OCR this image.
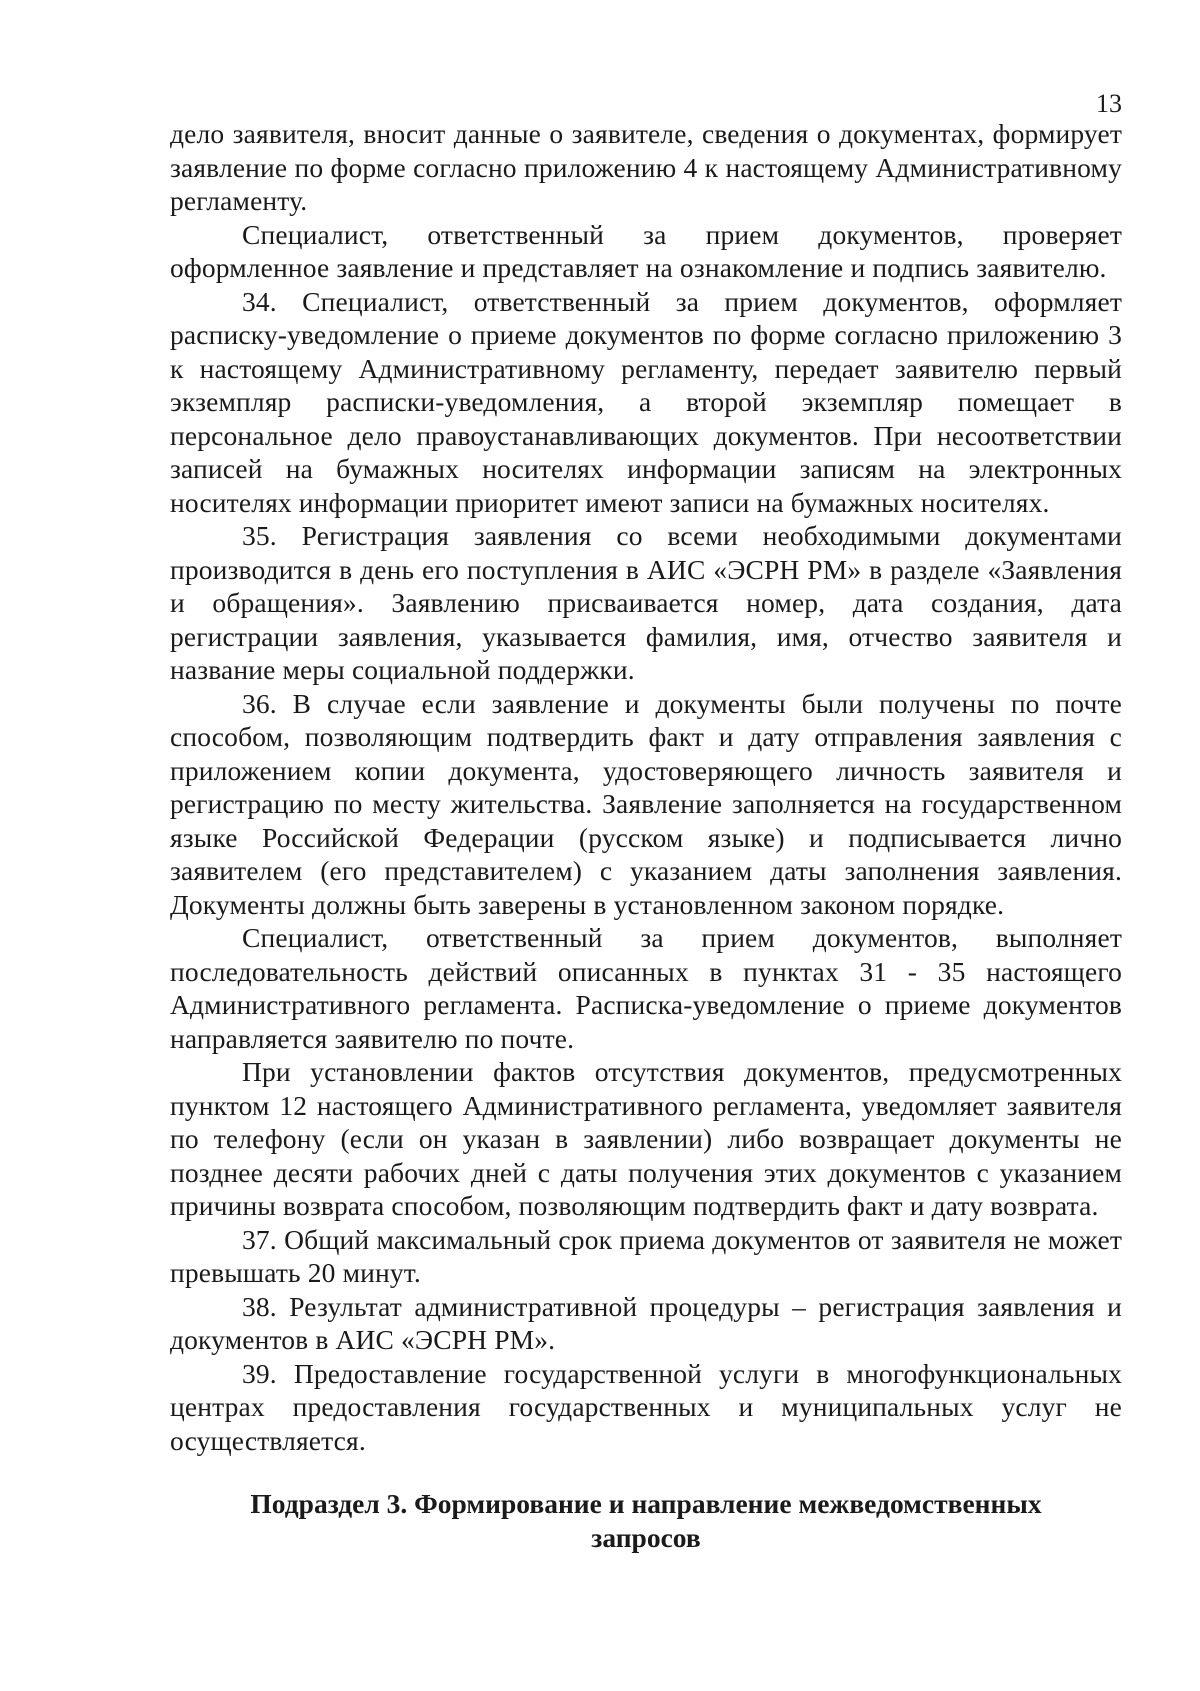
13

дело заявителя, вносит данные о заявителе, сведения о документах, формирует заявление по форме согласно приложению 4 к настоящему Административному регламенту.

Специалист, ответственный за прием документов, проверяет оформленное заявление и представляет на ознакомление и подпись заявителю.

34. Специалист, ответственный за прием документов, оформляет расписку-уведомление о приеме документов по форме согласно приложению 3 к настоящему Административному регламенту, передает заявителю первый экземпляр расписки-уведомления, а второй экземпляр помещает в персональное дело правоустанавливающих документов. При несоответствии записей на бумажных носителях информации записям на электронных носителях информации приоритет имеют записи на бумажных носителях.

35. Регистрация заявления со всеми необходимыми документами производится в день его поступления в АИС «ЭСРН РМ» в разделе «Заявления и обращения». Заявлению присваивается номер, дата создания, дата регистрации заявления, указывается фамилия, имя, отчество заявителя и название меры социальной поддержки.

36. В случае если заявление и документы были получены по почте способом, позволяющим подтвердить факт и дату отправления заявления с приложением копии документа, удостоверяющего личность заявителя и регистрацию по месту жительства. Заявление заполняется на государственном языке Российской Федерации (русском языке) и подписывается лично заявителем (его представителем) с указанием даты заполнения заявления. Документы должны быть заверены в установленном законом порядке.

Специалист, ответственный за прием документов, выполняет последовательность действий описанных в пунктах 31 - 35 настоящего Административного регламента. Расписка-уведомление о приеме документов направляется заявителю по почте.

При установлении фактов отсутствия документов, предусмотренных пунктом 12 настоящего Административного регламента, уведомляет заявителя по телефону (если он указан в заявлении) либо возвращает документы не позднее десяти рабочих дней с даты получения этих документов с указанием причины возврата способом, позволяющим подтвердить факт и дату возврата.

37. Общий максимальный срок приема документов от заявителя не может превышать 20 минут.

38. Результат административной процедуры – регистрация заявления и документов в АИС «ЭСРН РМ».

39. Предоставление государственной услуги в многофункциональных центрах предоставления государственных и муниципальных услуг не осуществляется.

Подраздел 3. Формирование и направление межведомственных
запросов
